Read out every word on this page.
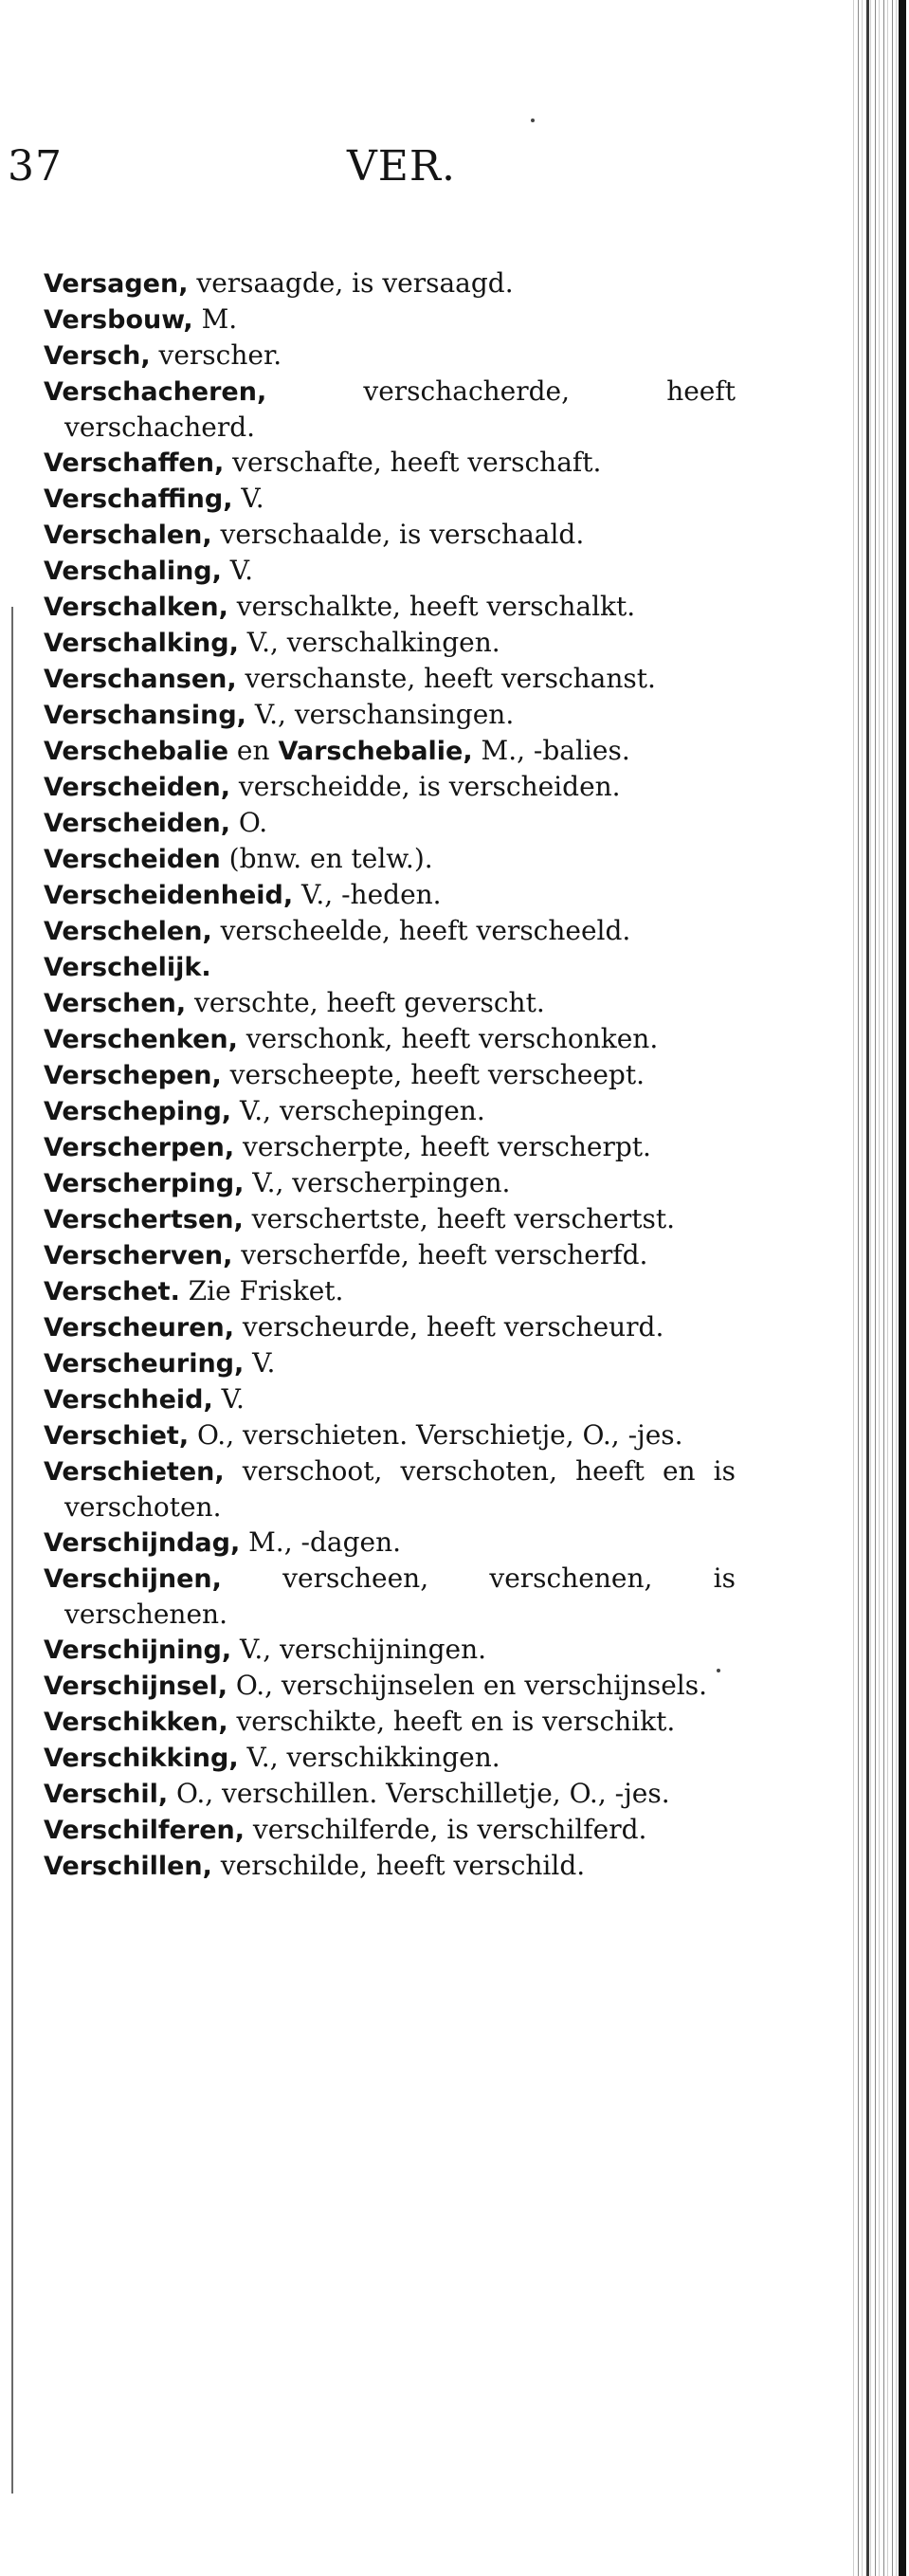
37	VER.
Versagen, versaagde, is versaagd.
Versbouw, M.
Versch, verscher.
Verschacheren, verschacherde, heeft verschacherd.
Verschaffen, verschafte, heeft verschaft.
Verschaffing, V.
Verschalen, verschaalde, is verschaald.
Verschaling, V.
Verschalken, verschalkte, heeft verschalkt.
Verschalking, V., verschalkingen.
Verschansen, verschanste, heeft verschanst.
Verschansing, V., verschansingen.
Verschebalie en Varschebalie, M., -balies.
Verscheiden, verscheidde, is verscheiden.
Verscheiden, O.
Verscheiden (bnw. en telw.).
Verscheidenheid, V., -heden.
Verschelen, verscheelde, heeft verscheeld.
Verschelijk.
Verschen, verschte, heeft geverscht.
Verschenken, verschonk, heeft verschonken.
Verschepen, verscheepte, heeft verscheept.
Verscheping, V., verschepingen.
Verscherpen, verscherpte, heeft verscherpt.
Verscherping, V., verscherpingen.
Verschertsen, verschertste, heeft verschertst.
Verscherven, verscherfde, heeft verscherfd.
Verschet. Zie Frisket.
Verscheuren, verscheurde, heeft verscheurd.
Verscheuring, V.
Verschheid, V.
Verschiet, O., verschieten. Verschietje, O., -jes.
Verschieten, verschoot, verschoten, heeft en is verschoten.
Verschijndag, M., -dagen.
Verschijnen, verscheen, verschenen, is verschenen.
Verschijning, V., verschijningen.
Verschijnsel, O., verschijnselen en verschijnsels.
Verschikken, verschikte, heeft en is verschikt.
Verschikking, V., verschikkingen.
Verschil, O., verschillen. Verschilletje, O., -jes.
Verschilferen, verschilferde, is verschilferd.
Verschillen, verschilde, heeft verschild.
